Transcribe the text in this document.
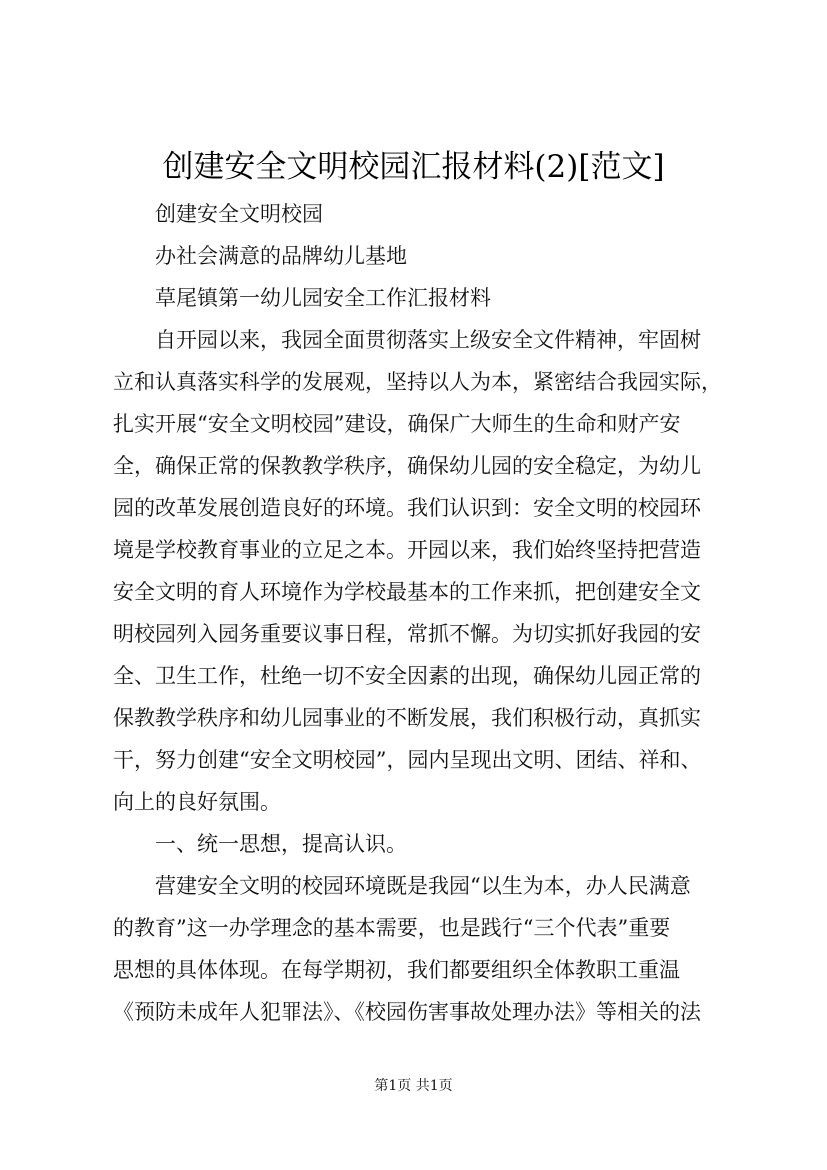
创建安全文明校园汇报材料(2)[范文]
创建安全文明校园
办社会满意的品牌幼儿基地
草尾镇第一幼儿园安全工作汇报材料
自开园以来，我园全面贯彻落实上级安全文件精神，牢固树
立和认真落实科学的发展观，坚持以人为本，紧密结合我园实际，
扎实开展“安全文明校园”建设，确保广大师生的生命和财产安
全，确保正常的保教教学秩序，确保幼儿园的安全稳定，为幼儿
园的改革发展创造良好的环境。我们认识到：安全文明的校园环
境是学校教育事业的立足之本。开园以来，我们始终坚持把营造
安全文明的育人环境作为学校最基本的工作来抓，把创建安全文
明校园列入园务重要议事日程，常抓不懈。为切实抓好我园的安
全、卫生工作，杜绝一切不安全因素的出现，确保幼儿园正常的
保教教学秩序和幼儿园事业的不断发展，我们积极行动，真抓实
干，努力创建“安全文明校园”，园内呈现出文明、团结、祥和、
向上的良好氛围。
一、统一思想，提高认识。
营建安全文明的校园环境既是我园“以生为本，办人民满意
的教育”这一办学理念的基本需要，也是践行“三个代表”重要
思想的具体体现。在每学期初，我们都要组织全体教职工重温
《预防未成年人犯罪法》、《校园伤害事故处理办法》等相关的法
第1页 共1页
